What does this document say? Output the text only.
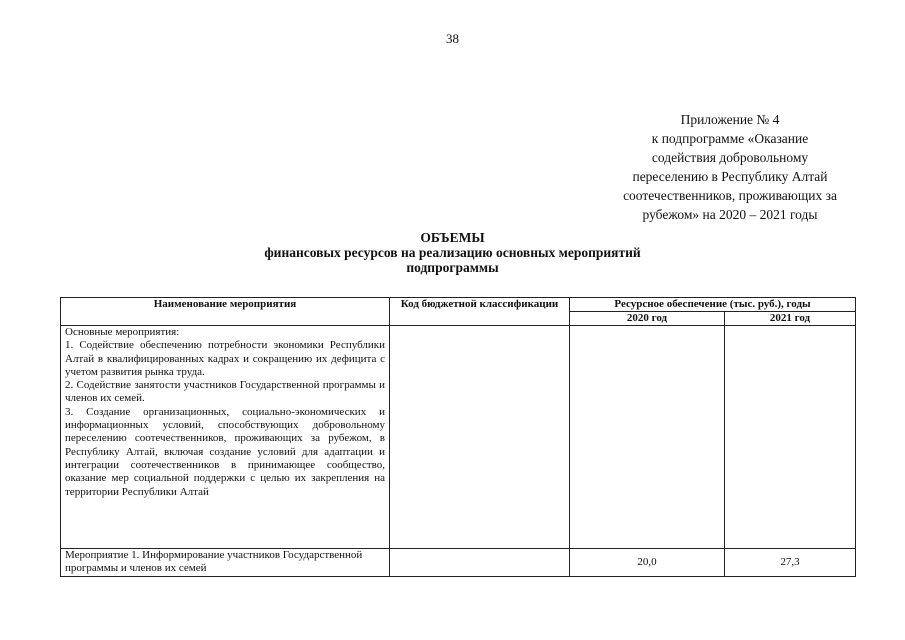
38
Приложение № 4
к подпрограмме «Оказание
содействия добровольному
переселению в Республику Алтай
соотечественников, проживающих за
рубежом» на 2020 – 2021 годы
ОБЪЕМЫ
финансовых ресурсов на реализацию основных мероприятий
подпрограммы
Наименование мероприятия	Код бюджетной классификации	Ресурсное обеспечение (тыс. руб.), годы	
		2020 год	2021 год

Основные мероприятия:

1. Содействие обеспечению потребности экономики Республики Алтай в квалифицированных кадрах и сокращению их дефицита с учетом развития рынка труда.

2. Содействие занятости участников Государственной программы и членов их семей.

3. Создание организационных, социально-экономических и информационных условий, способствующих добровольному переселению соотечественников, проживающих за рубежом, в Республику Алтай, включая создание условий для адаптации и интеграции соотечественников в принимающее сообщество, оказание мер социальной поддержки с целью их закрепления на территории Республики Алтай			

Мероприятие 1. Информирование участников Государственной программы и членов их семей		20,0	27,3
